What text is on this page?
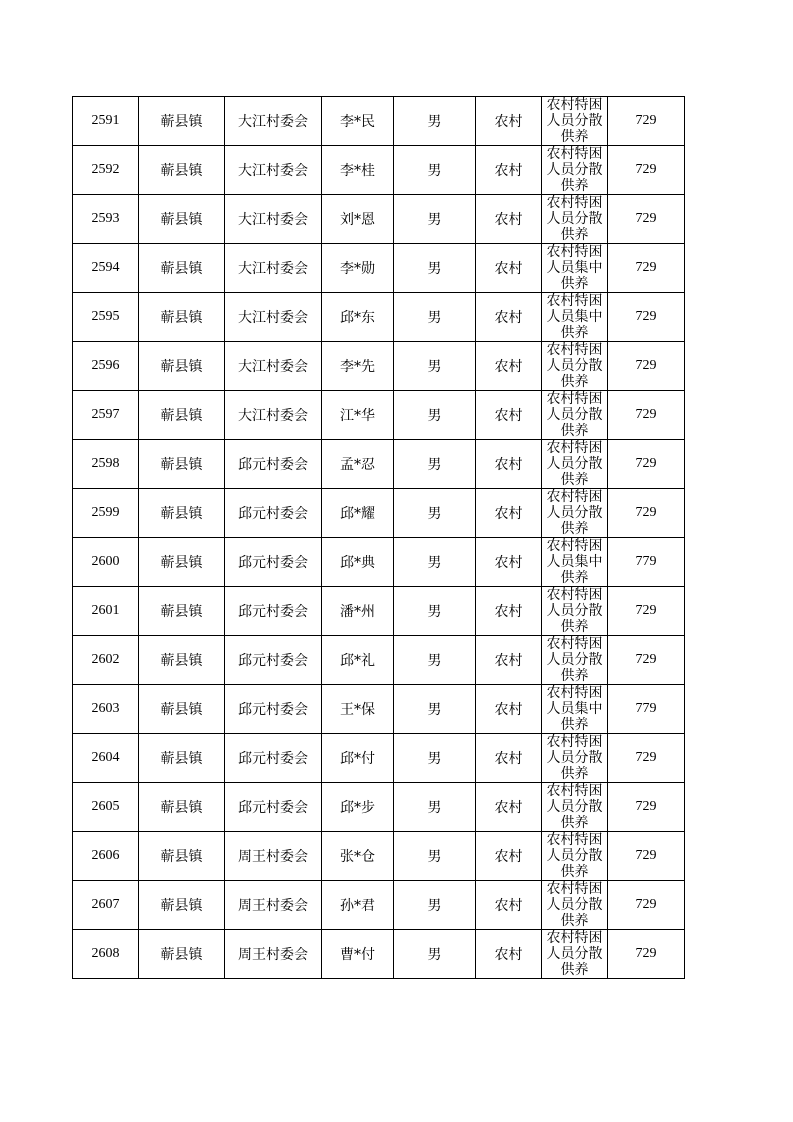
2591	蕲县镇	大江村委会	李*民	男	农村	农村特困人员分散供养	729
2592	蕲县镇	大江村委会	李*桂	男	农村	农村特困人员分散供养	729
2593	蕲县镇	大江村委会	刘*恩	男	农村	农村特困人员分散供养	729
2594	蕲县镇	大江村委会	李*勋	男	农村	农村特困人员集中供养	729
2595	蕲县镇	大江村委会	邱*东	男	农村	农村特困人员集中供养	729
2596	蕲县镇	大江村委会	李*先	男	农村	农村特困人员分散供养	729
2597	蕲县镇	大江村委会	江*华	男	农村	农村特困人员分散供养	729
2598	蕲县镇	邱元村委会	孟*忍	男	农村	农村特困人员分散供养	729
2599	蕲县镇	邱元村委会	邱*耀	男	农村	农村特困人员分散供养	729
2600	蕲县镇	邱元村委会	邱*典	男	农村	农村特困人员集中供养	779
2601	蕲县镇	邱元村委会	潘*州	男	农村	农村特困人员分散供养	729
2602	蕲县镇	邱元村委会	邱*礼	男	农村	农村特困人员分散供养	729
2603	蕲县镇	邱元村委会	王*保	男	农村	农村特困人员集中供养	779
2604	蕲县镇	邱元村委会	邱*付	男	农村	农村特困人员分散供养	729
2605	蕲县镇	邱元村委会	邱*步	男	农村	农村特困人员分散供养	729
2606	蕲县镇	周王村委会	张*仓	男	农村	农村特困人员分散供养	729
2607	蕲县镇	周王村委会	孙*君	男	农村	农村特困人员分散供养	729
2608	蕲县镇	周王村委会	曹*付	男	农村	农村特困人员分散供养	729
